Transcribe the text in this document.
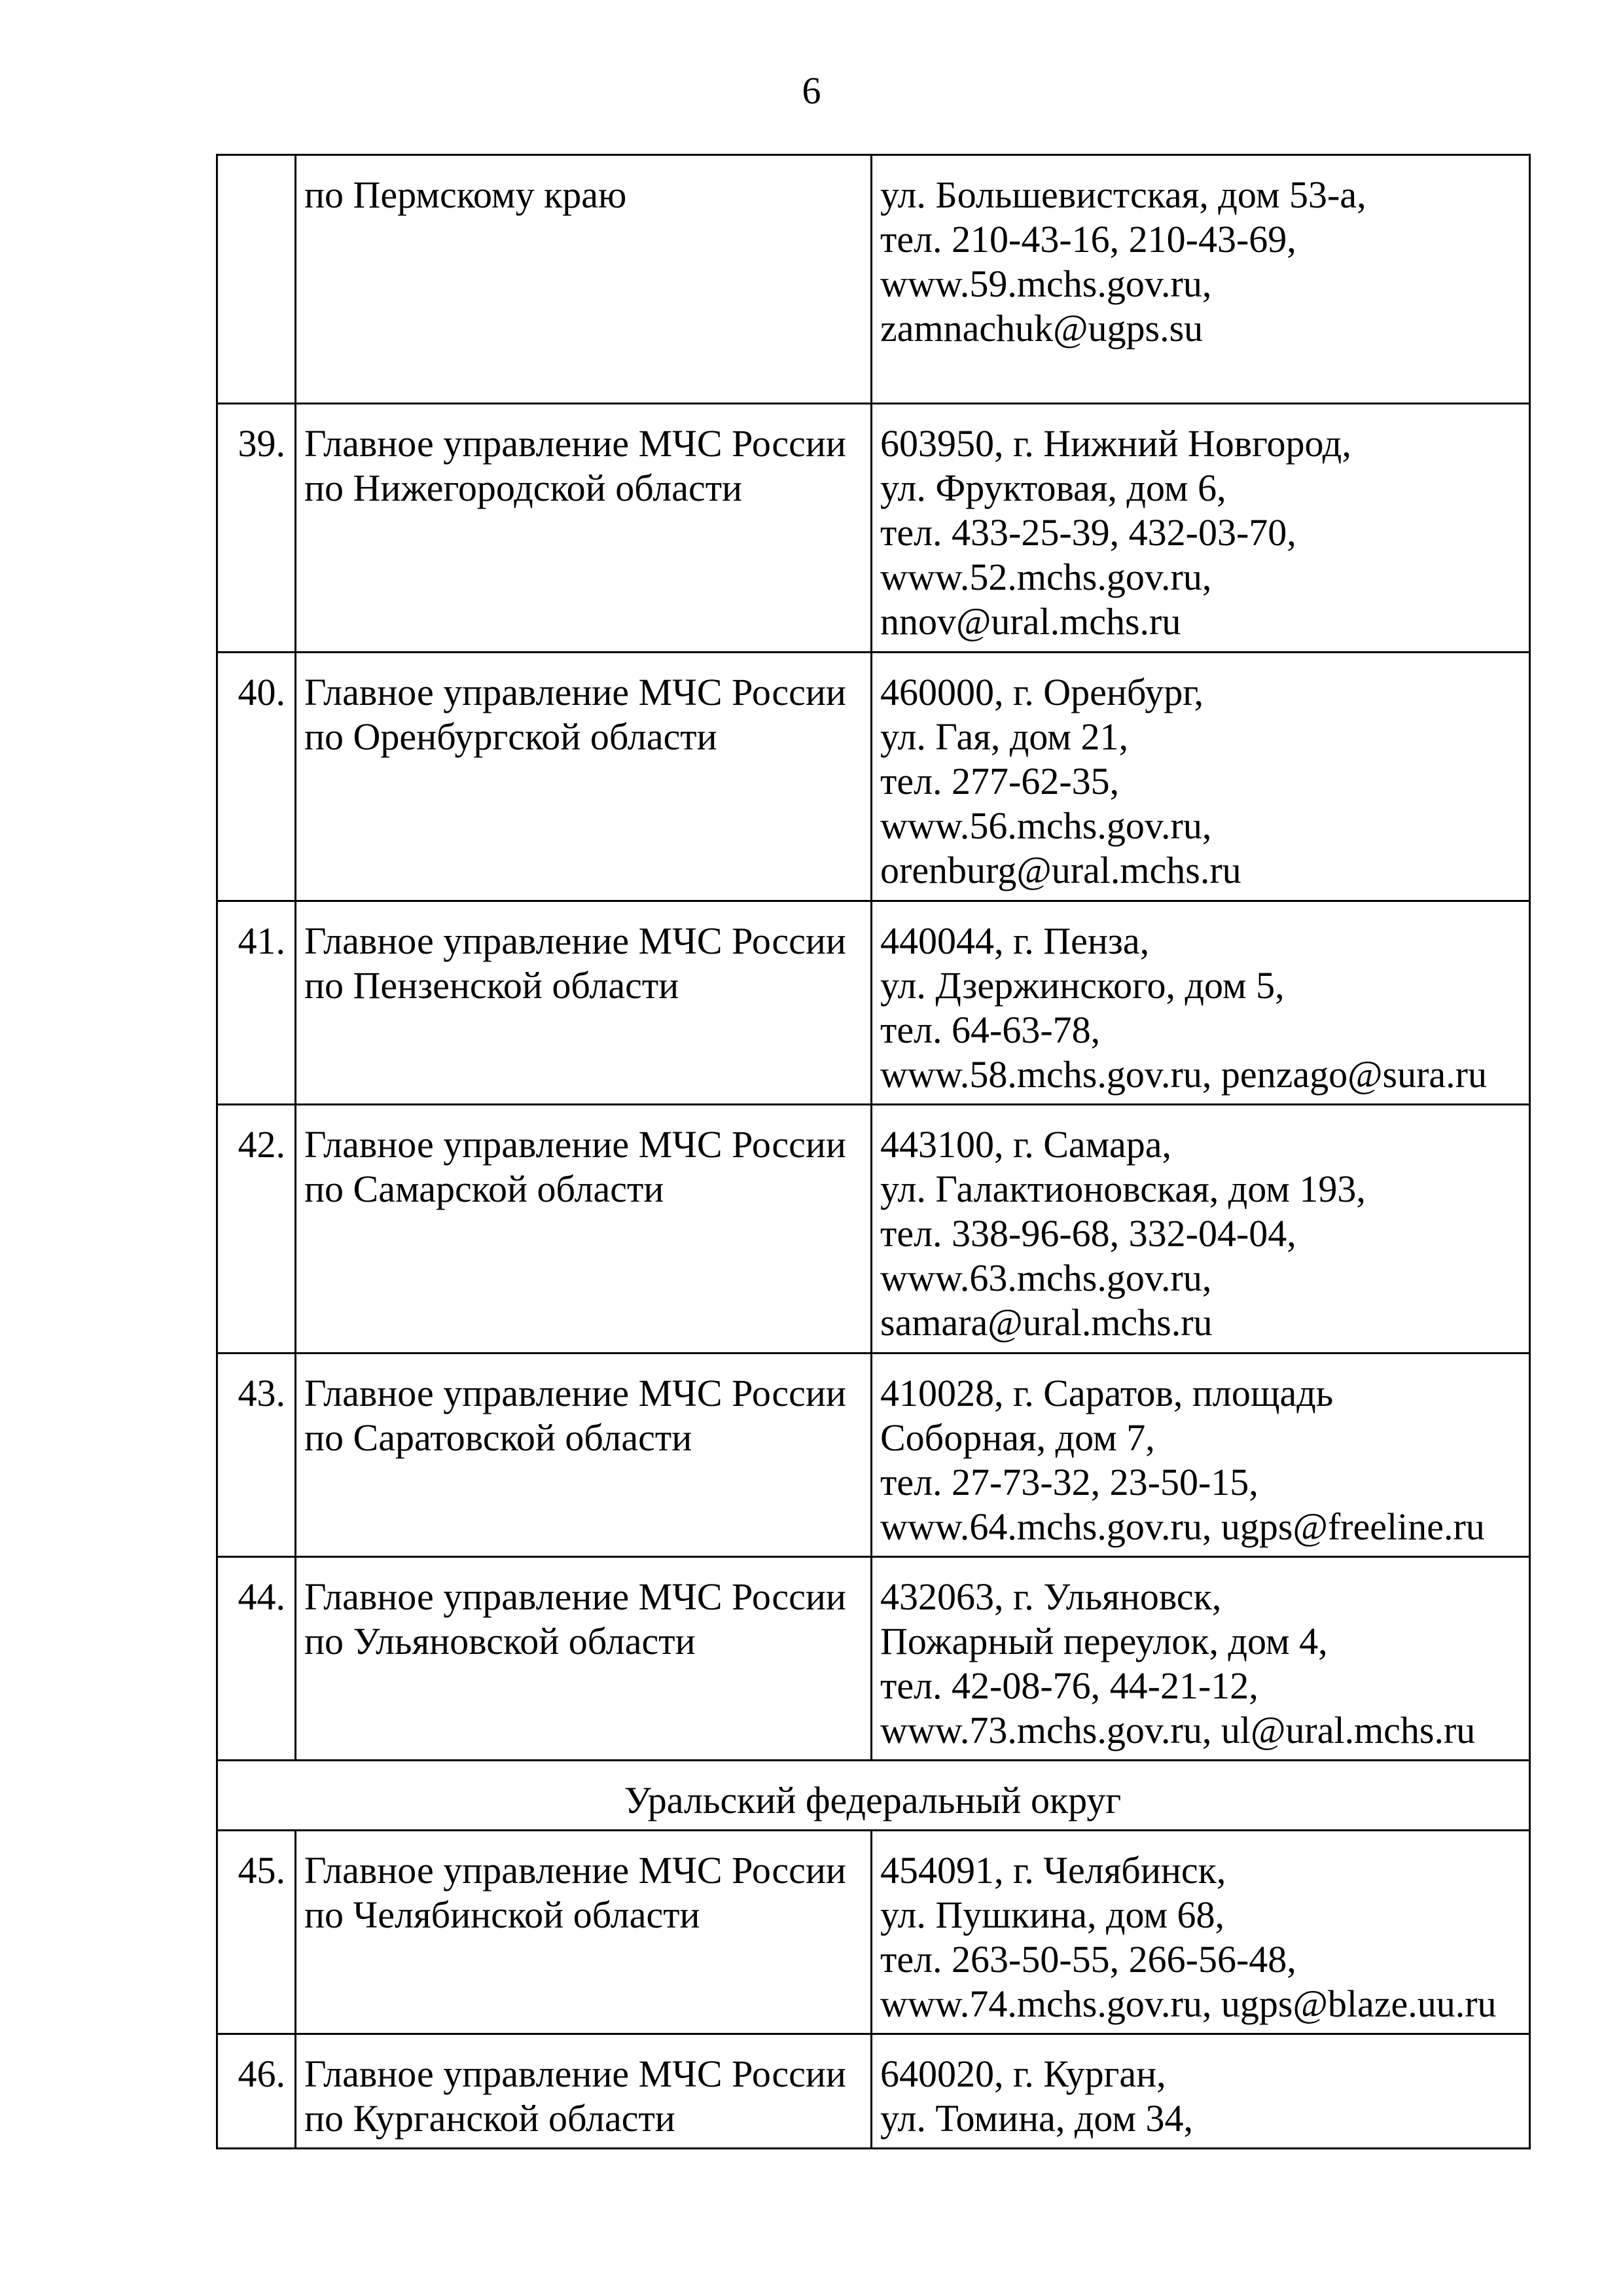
6

	по Пермскому краю	ул. Большевистская, дом 53-а,
тел. 210-43-16, 210-43-69,
www.59.mchs.gov.ru,
zamnachuk@ugps.su

39.	Главное управление МЧС России
по Нижегородской области	603950, г. Нижний Новгород,
ул. Фруктовая, дом 6,
тел. 433-25-39, 432-03-70,
www.52.mchs.gov.ru,
nnov@ural.mchs.ru

40.	Главное управление МЧС России
по Оренбургской области	460000, г. Оренбург,
ул. Гая, дом 21,
тел. 277-62-35,
www.56.mchs.gov.ru,
orenburg@ural.mchs.ru

41.	Главное управление МЧС России
по Пензенской области	440044, г. Пенза,
ул. Дзержинского, дом 5,
тел. 64-63-78,
www.58.mchs.gov.ru, penzago@sura.ru

42.	Главное управление МЧС России
по Самарской области	443100, г. Самара,
ул. Галактионовская, дом 193,
тел. 338-96-68, 332-04-04,
www.63.mchs.gov.ru,
samara@ural.mchs.ru

43.	Главное управление МЧС России
по Саратовской области	410028, г. Саратов, площадь
Соборная, дом 7,
тел. 27-73-32, 23-50-15,
www.64.mchs.gov.ru, ugps@freeline.ru

44.	Главное управление МЧС России
по Ульяновской области	432063, г. Ульяновск,
Пожарный переулок, дом 4,
тел. 42-08-76, 44-21-12,
www.73.mchs.gov.ru, ul@ural.mchs.ru

Уральский федеральный округ		
45.	Главное управление МЧС России
по Челябинской области	454091, г. Челябинск,
ул. Пушкина, дом 68,
тел. 263-50-55, 266-56-48,
www.74.mchs.gov.ru, ugps@blaze.uu.ru

46.	Главное управление МЧС России
по Курганской области	640020, г. Курган,
ул. Томина, дом 34,
